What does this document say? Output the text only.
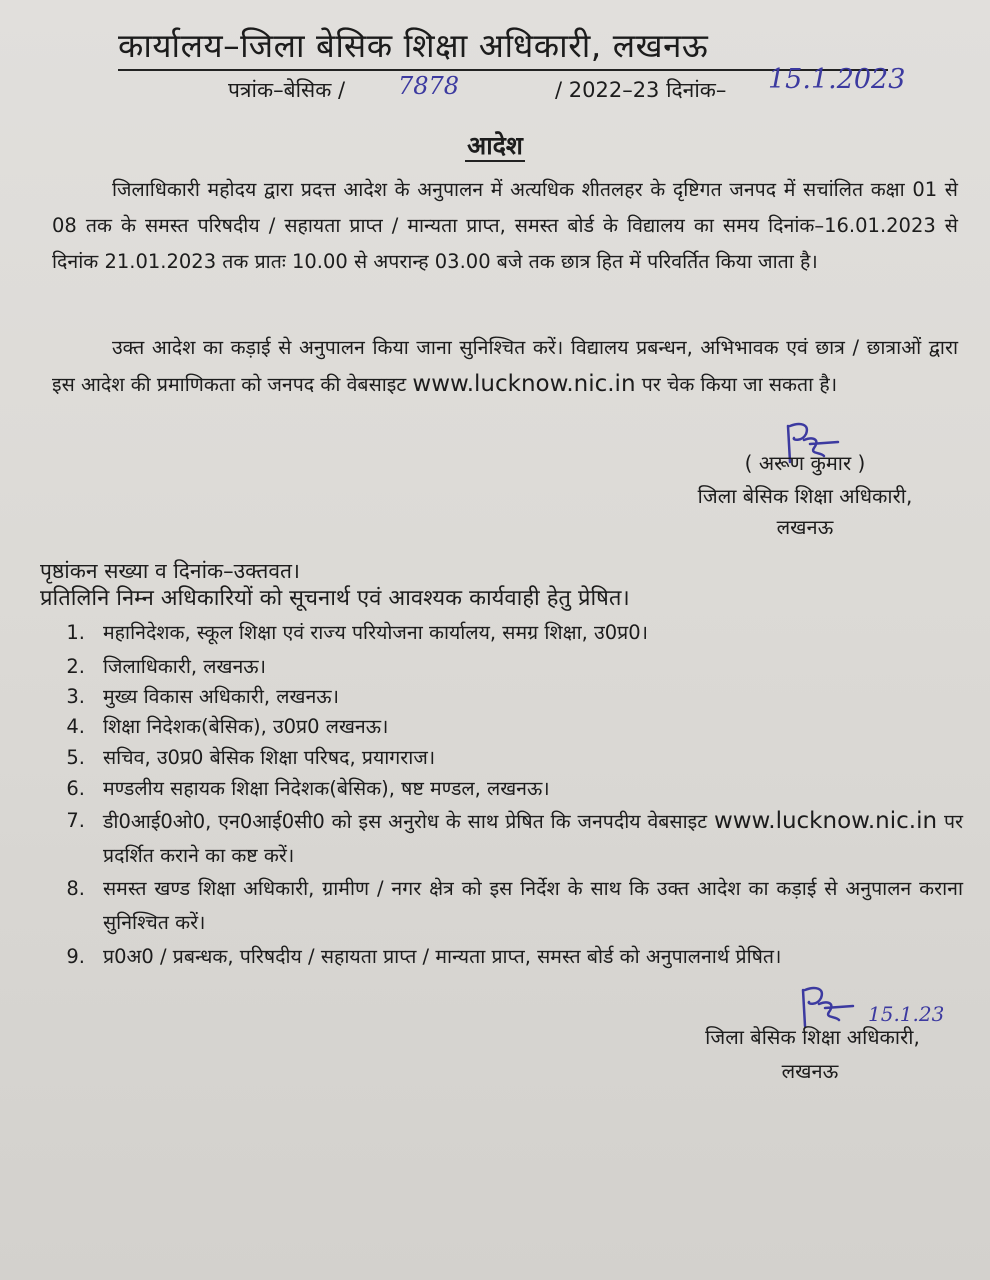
कार्यालय–जिला बेसिक शिक्षा अधिकारी, लखनऊ
पत्रांक–बेसिक / 7878	/ 2022–23 दिनांक– 15.1.2023
आदेश
जिलाधिकारी महोदय द्वारा प्रदत्त आदेश के अनुपालन में अत्यधिक शीतलहर के दृष्टिगत जनपद में सचांलित कक्षा 01 से 08 तक के समस्त परिषदीय / सहायता प्राप्त / मान्यता प्राप्त, समस्त बोर्ड के विद्यालय का समय दिनांक–16.01.2023 से दिनांक 21.01.2023 तक प्रातः 10.00 से अपरान्ह 03.00 बजे तक छात्र हित में परिवर्तित किया जाता है।
उक्त आदेश का कड़ाई से अनुपालन किया जाना सुनिश्चित करें। विद्यालय प्रबन्धन, अभिभावक एवं छात्र / छात्राओं द्वारा इस आदेश की प्रमाणिकता को जनपद की वेबसाइट www.lucknow.nic.in पर चेक किया जा सकता है।
( अरूण कुमार )
जिला बेसिक शिक्षा अधिकारी,
लखनऊ
पृष्ठांकन सख्या व दिनांक–उक्तवत।
प्रतिलिनि निम्न अधिकारियों को सूचनार्थ एवं आवश्यक कार्यवाही हेतु प्रेषित।
1. महानिदेशक, स्कूल शिक्षा एवं राज्य परियोजना कार्यालय, समग्र शिक्षा, उ0प्र0।
2. जिलाधिकारी, लखनऊ।
3. मुख्य विकास अधिकारी, लखनऊ।
4. शिक्षा निदेशक(बेसिक), उ0प्र0 लखनऊ।
5. सचिव, उ0प्र0 बेसिक शिक्षा परिषद, प्रयागराज।
6. मण्डलीय सहायक शिक्षा निदेशक(बेसिक), षष्ट मण्डल, लखनऊ।
7. डी0आई0ओ0, एन0आई0सी0 को इस अनुरोध के साथ प्रेषित कि जनपदीय वेबसाइट www.lucknow.nic.in पर प्रदर्शित कराने का कष्ट करें।
8. समस्त खण्ड शिक्षा अधिकारी, ग्रामीण / नगर क्षेत्र को इस निर्देश के साथ कि उक्त आदेश का कड़ाई से अनुपालन कराना सुनिश्चित करें।
9. प्र0अ0 / प्रबन्धक, परिषदीय / सहायता प्राप्त / मान्यता प्राप्त, समस्त बोर्ड को अनुपालनार्थ प्रेषित।
15.1.23
जिला बेसिक शिक्षा अधिकारी,
लखनऊ
